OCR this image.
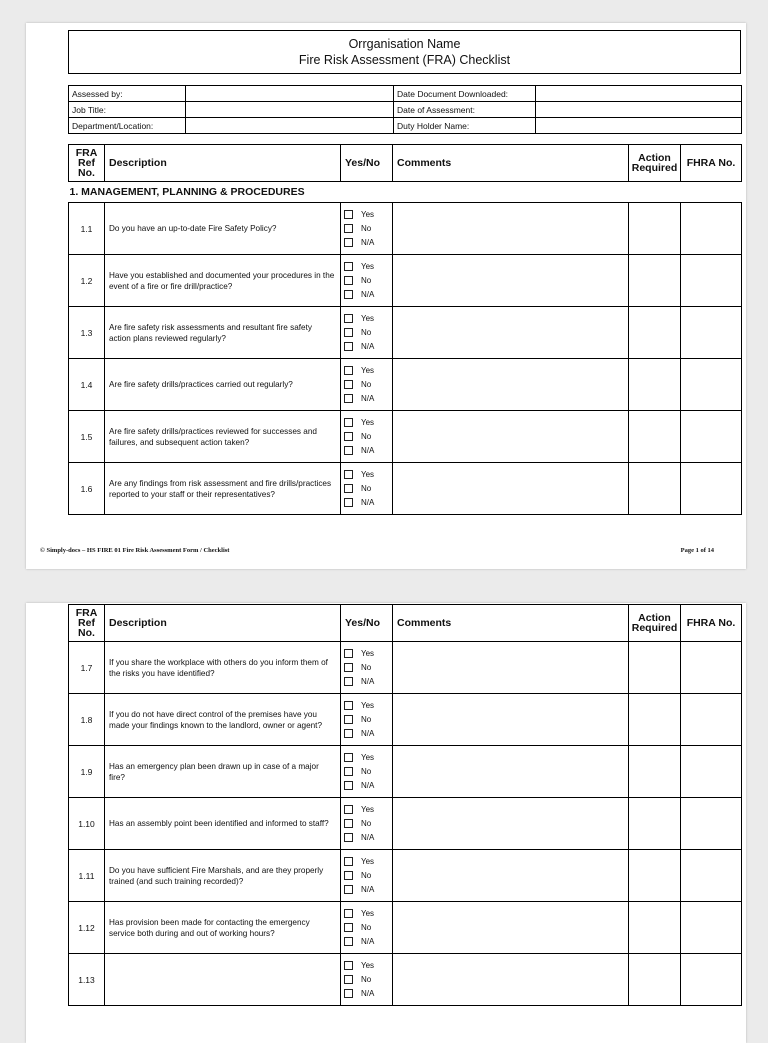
Orrganisation Name
Fire Risk Assessment (FRA) Checklist
Assessed by:		Date Document Downloaded:	
Job Title:		Date of Assessment:	
Department/Location:		Duty Holder Name:	
FRA Ref No.	Description	Yes/No	Comments	Action Required	FHRA No.
1. MANAGEMENT, PLANNING & PROCEDURES					
1.1	Do you have an up-to-date Fire Safety Policy?	Yes
No
N/A			

1.2	Have you established and documented your procedures in the event of a fire or fire drill/practice?	Yes
No
N/A			

1.3	Are fire safety risk assessments and resultant fire safety action plans reviewed regularly?	Yes
No
N/A			

1.4	Are fire safety drills/practices carried out regularly?	Yes
No
N/A			

1.5	Are fire safety drills/practices reviewed for successes and failures, and subsequent action taken?	Yes
No
N/A			

1.6	Are any findings from risk assessment and fire drills/practices reported to your staff or their representatives?	Yes
No
N/A			

© Simply-docs – HS FIRE 01 Fire Risk Assessment Form / Checklist	Page 1 of 14
FRA Ref No.	Description	Yes/No	Comments	Action Required	FHRA No.
1.7	If you share the workplace with others do you inform them of the risks you have identified?	Yes
No
N/A			

1.8	If you do not have direct control of the premises have you made your findings known to the landlord, owner or agent?	Yes
No
N/A			

1.9	Has an emergency plan been drawn up in case of a major fire?	Yes
No
N/A			

1.10	Has an assembly point been identified and informed to staff?	Yes
No
N/A			

1.11	Do you have sufficient Fire Marshals, and are they properly trained (and such training recorded)?	Yes
No
N/A			

1.12	Has provision been made for contacting the emergency service both during and out of working hours?	Yes
No
N/A			

1.13		Yes
No
N/A			
